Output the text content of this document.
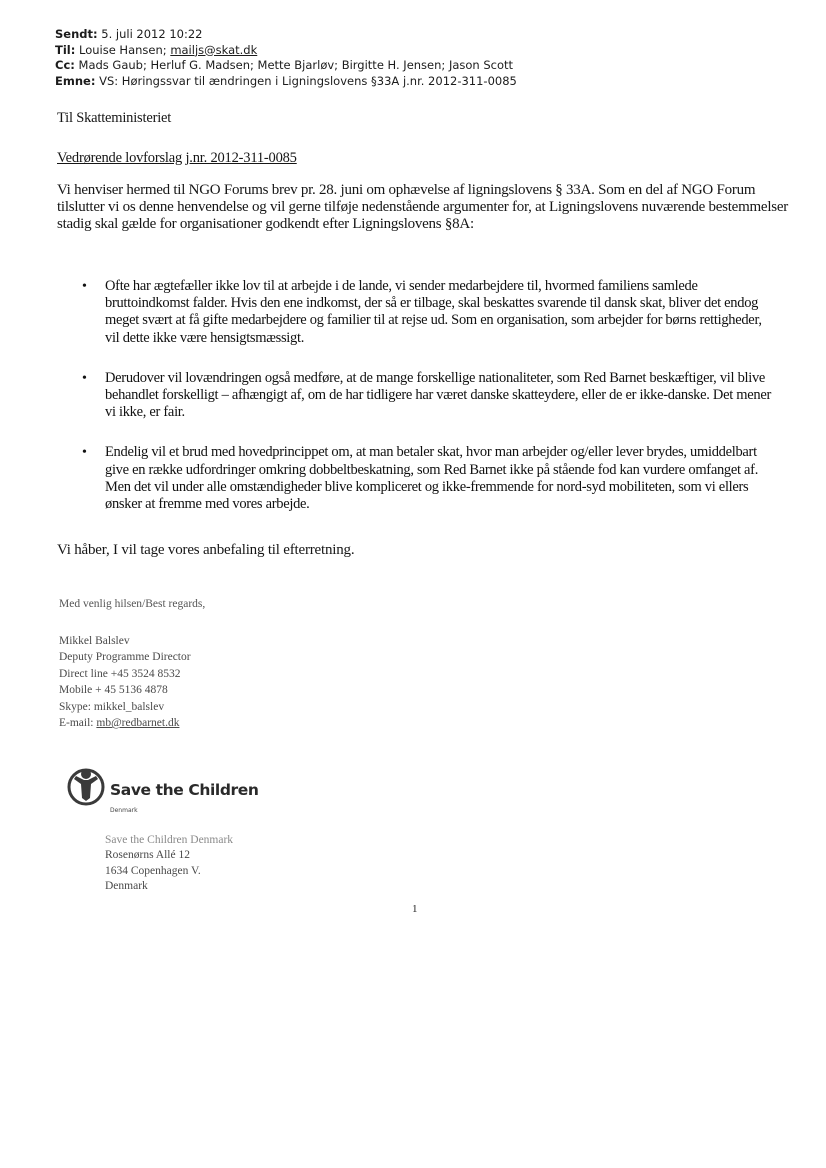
Sendt: 5. juli 2012 10:22
Til: Louise Hansen; mailjs@skat.dk
Cc: Mads Gaub; Herluf G. Madsen; Mette Bjarløv; Birgitte H. Jensen; Jason Scott
Emne: VS: Høringssvar til ændringen i Ligningslovens §33A j.nr. 2012-311-0085
Til Skatteministeriet
Vedrørende lovforslag j.nr. 2012-311-0085
Vi henviser hermed til NGO Forums brev pr. 28. juni om ophævelse af ligningslovens § 33A. Som en del af NGO Forum tilslutter vi os denne henvendelse og vil gerne tilføje nedenstående argumenter for, at Ligningslovens nuværende bestemmelser stadig skal gælde for organisationer godkendt efter Ligningslovens §8A:
• Ofte har ægtefæller ikke lov til at arbejde i de lande, vi sender medarbejdere til, hvormed familiens samlede bruttoindkomst falder. Hvis den ene indkomst, der så er tilbage, skal beskattes svarende til dansk skat, bliver det endog meget svært at få gifte medarbejdere og familier til at rejse ud. Som en organisation, som arbejder for børns rettigheder, vil dette ikke være hensigtsmæssigt.
• Derudover vil lovændringen også medføre, at de mange forskellige nationaliteter, som Red Barnet beskæftiger, vil blive behandlet forskelligt – afhængigt af, om de har tidligere har været danske skatteydere, eller de er ikke-danske. Det mener vi ikke, er fair.
• Endelig vil et brud med hovedprincippet om, at man betaler skat, hvor man arbejder og/eller lever brydes, umiddelbart give en række udfordringer omkring dobbeltbeskatning, som Red Barnet ikke på stående fod kan vurdere omfanget af. Men det vil under alle omstændigheder blive kompliceret og ikke-fremmende for nord-syd mobiliteten, som vi ellers ønsker at fremme med vores arbejde.
Vi håber, I vil tage vores anbefaling til efterretning.
Med venlig hilsen/Best regards,
Mikkel Balslev
Deputy Programme Director
Direct line +45 3524 8532
Mobile + 45 5136 4878
Skype: mikkel_balslev
E-mail: mb@redbarnet.dk
Save the Children
Denmark
Save the Children Denmark
Rosenørns Allé 12
1634 Copenhagen V.
Denmark
1
